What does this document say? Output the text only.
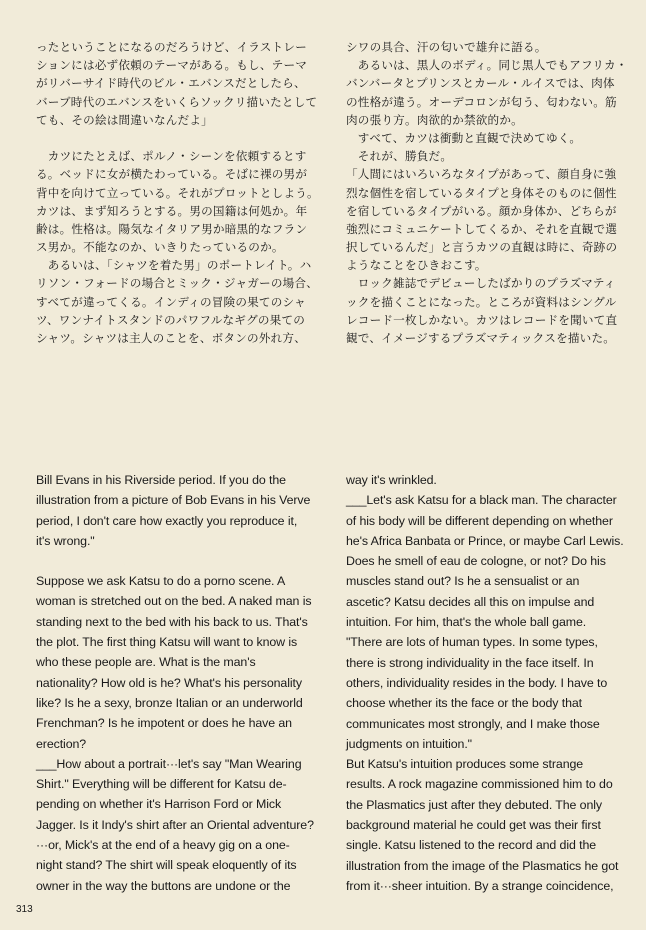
ったということになるのだろうけど、イラストレー
ションには必ず依頼のテーマがある。もし、テーマ
がリバーサイド時代のビル・エバンスだとしたら、
バーブ時代のエバンスをいくらソックリ描いたとして
ても、その絵は間違いなんだよ」
　カツにたとえば、ポルノ・シーンを依頼するとす
る。ベッドに女が横たわっている。そばに裸の男が
背中を向けて立っている。それがプロットとしよう。
カツは、まず知ろうとする。男の国籍は何処か。年
齢は。性格は。陽気なイタリア男か暗黒的なフラン
ス男か。不能なのか、いきりたっているのか。
　あるいは、「シャツを着た男」のポートレイト。ハ
リソン・フォードの場合とミック・ジャガーの場合、
すべてが違ってくる。インディの冒険の果てのシャ
ツ、ワンナイトスタンドのパワフルなギグの果ての
シャツ。シャツは主人のことを、ボタンの外れ方、
シワの具合、汗の匂いで雄弁に語る。
　あるいは、黒人のボディ。同じ黒人でもアフリカ・
バンバータとプリンスとカール・ルイスでは、肉体
の性格が違う。オーデコロンが匂う、匂わない。筋
肉の張り方。肉欲的か禁欲的か。
　すべて、カツは衝動と直観で決めてゆく。
　それが、勝負だ。
「人間にはいろいろなタイプがあって、顔自身に強
烈な個性を宿しているタイプと身体そのものに個性
を宿しているタイプがいる。顔か身体か、どちらが
強烈にコミュニケートしてくるか、それを直観で選
択しているんだ」と言うカツの直観は時に、奇跡の
ようなことをひきおこす。
　ロック雑誌でデビューしたばかりのプラズマティ
ックを描くことになった。ところが資料はシングル
レコード一枚しかない。カツはレコードを聞いて直
観で、イメージするプラズマティックスを描いた。

Bill Evans in his Riverside period. If you do the

illustration from a picture of Bob Evans in his Verve

period, I don't care how exactly you reproduce it,

it's wrong."

Suppose we ask Katsu to do a porno scene. A

woman is stretched out on the bed. A naked man is

standing next to the bed with his back to us. That's

the plot. The first thing Katsu will want to know is

who these people are. What is the man's

nationality? How old is he? What's his personality

like? Is he a sexy, bronze Italian or an underworld

Frenchman? Is he impotent or does he have an

erection?

___How about a portrait···let's say "Man Wearing

Shirt." Everything will be different for Katsu de-

pending on whether it's Harrison Ford or Mick

Jagger. Is it Indy's shirt after an Oriental adventure?

···or, Mick's at the end of a heavy gig on a one-

night stand? The shirt will speak eloquently of its

owner in the way the buttons are undone or the

way it's wrinkled.

___Let's ask Katsu for a black man. The character

of his body will be different depending on whether

he's Africa Banbata or Prince, or maybe Carl Lewis.

Does he smell of eau de cologne, or not? Do his

muscles stand out? Is he a sensualist or an

ascetic? Katsu decides all this on impulse and

intuition. For him, that's the whole ball game.

"There are lots of human types. In some types,

there is strong individuality in the face itself. In

others, individuality resides in the body. I have to

choose whether its the face or the body that

communicates most strongly, and I make those

judgments on intuition."

But Katsu's intuition produces some strange

results. A rock magazine commissioned him to do

the Plasmatics just after they debuted. The only

background material he could get was their first

single. Katsu listened to the record and did the

illustration from the image of the Plasmatics he got

from it···sheer intuition. By a strange coincidence,

313
